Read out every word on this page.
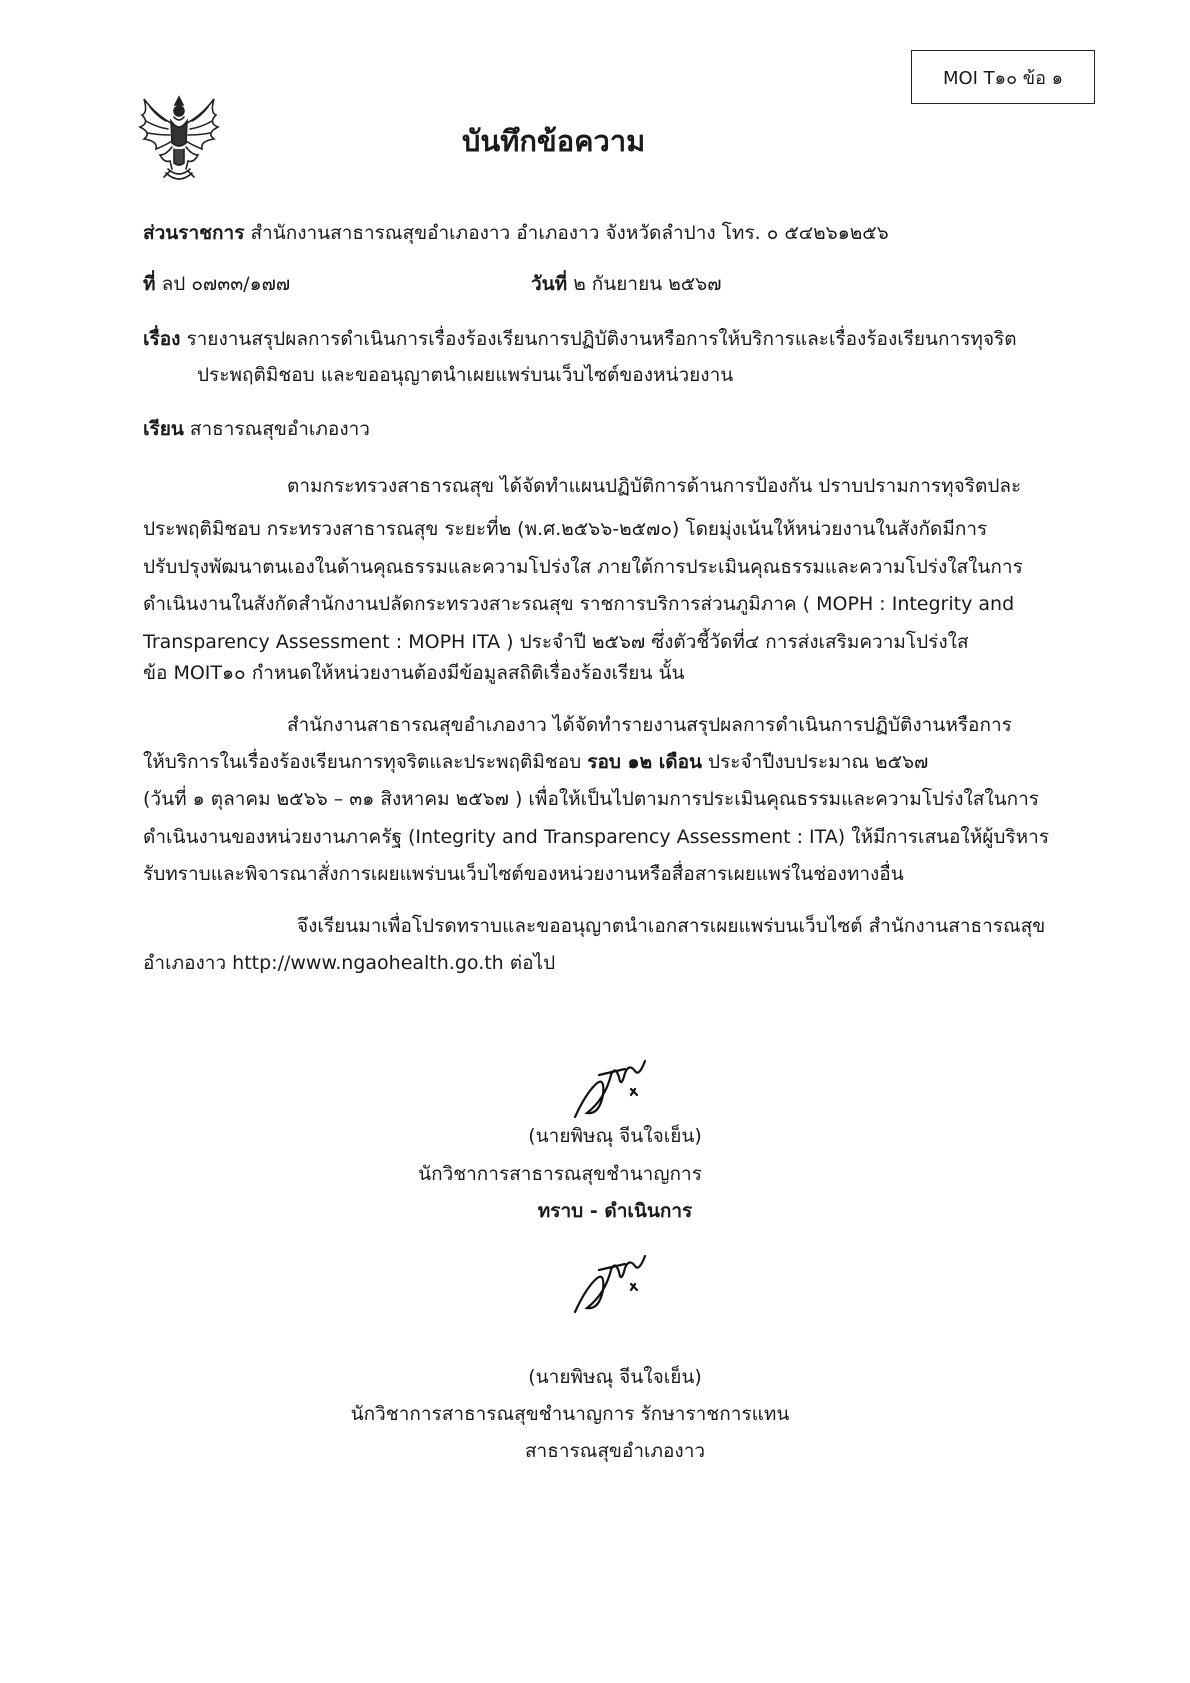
MOI T๑๐ ข้อ ๑
บันทึกข้อความ
ส่วนราชการ สำนักงานสาธารณสุขอำเภองาว อำเภองาว จังหวัดลำปาง โทร. ๐ ๕๔๒๖๑๒๕๖
ที่ ลป ๐๗๓๓/๑๗๗	วันที่ ๒ กันยายน ๒๕๖๗
เรื่อง รายงานสรุปผลการดำเนินการเรื่องร้องเรียนการปฏิบัติงานหรือการให้บริการและเรื่องร้องเรียนการทุจริต
ประพฤติมิชอบ และขออนุญาตนำเผยแพร่บนเว็บไซต์ของหน่วยงาน
เรียน สาธารณสุขอำเภองาว
ตามกระทรวงสาธารณสุข ได้จัดทำแผนปฏิบัติการด้านการป้องกัน ปราบปรามการทุจริตปละ
ประพฤติมิชอบ กระทรวงสาธารณสุข ระยะที่๒ (พ.ศ.๒๕๖๖-๒๕๗๐) โดยมุ่งเน้นให้หน่วยงานในสังกัดมีการ
ปรับปรุงพัฒนาตนเองในด้านคุณธรรมและความโปร่งใส ภายใต้การประเมินคุณธรรมและความโปร่งใสในการ
ดำเนินงานในสังกัดสำนักงานปลัดกระทรวงสาะรณสุข ราชการบริการส่วนภูมิภาค ( MOPH : Integrity and
Transparency Assessment : MOPH ITA ) ประจำปี ๒๕๖๗ ซึ่งตัวชี้วัดที่๔ การส่งเสริมความโปร่งใส
ข้อ MOIT๑๐ กำหนดให้หน่วยงานต้องมีข้อมูลสถิติเรื่องร้องเรียน นั้น
สำนักงานสาธารณสุขอำเภองาว ได้จัดทำรายงานสรุปผลการดำเนินการปฏิบัติงานหรือการ
ให้บริการในเรื่องร้องเรียนการทุจริตและประพฤติมิชอบ รอบ ๑๒ เดือน ประจำปีงบประมาณ ๒๕๖๗
(วันที่ ๑ ตุลาคม ๒๕๖๖ – ๓๑ สิงหาคม ๒๕๖๗ ) เพื่อให้เป็นไปตามการประเมินคุณธรรมและความโปร่งใสในการ
ดำเนินงานของหน่วยงานภาครัฐ (Integrity and Transparency Assessment : ITA) ให้มีการเสนอให้ผู้บริหาร
รับทราบและพิจารณาสั่งการเผยแพร่บนเว็บไซต์ของหน่วยงานหรือสื่อสารเผยแพร่ในช่องทางอื่น
จึงเรียนมาเพื่อโปรดทราบและขออนุญาตนำเอกสารเผยแพร่บนเว็บไซต์ สำนักงานสาธารณสุข
อำเภองาว http://www.ngaohealth.go.th ต่อไป
(นายพิษณุ จีนใจเย็น)
นักวิชาการสาธารณสุขชำนาญการ
ทราบ - ดำเนินการ
(นายพิษณุ จีนใจเย็น)
นักวิชาการสาธารณสุขชำนาญการ รักษาราชการแทน
สาธารณสุขอำเภองาว
